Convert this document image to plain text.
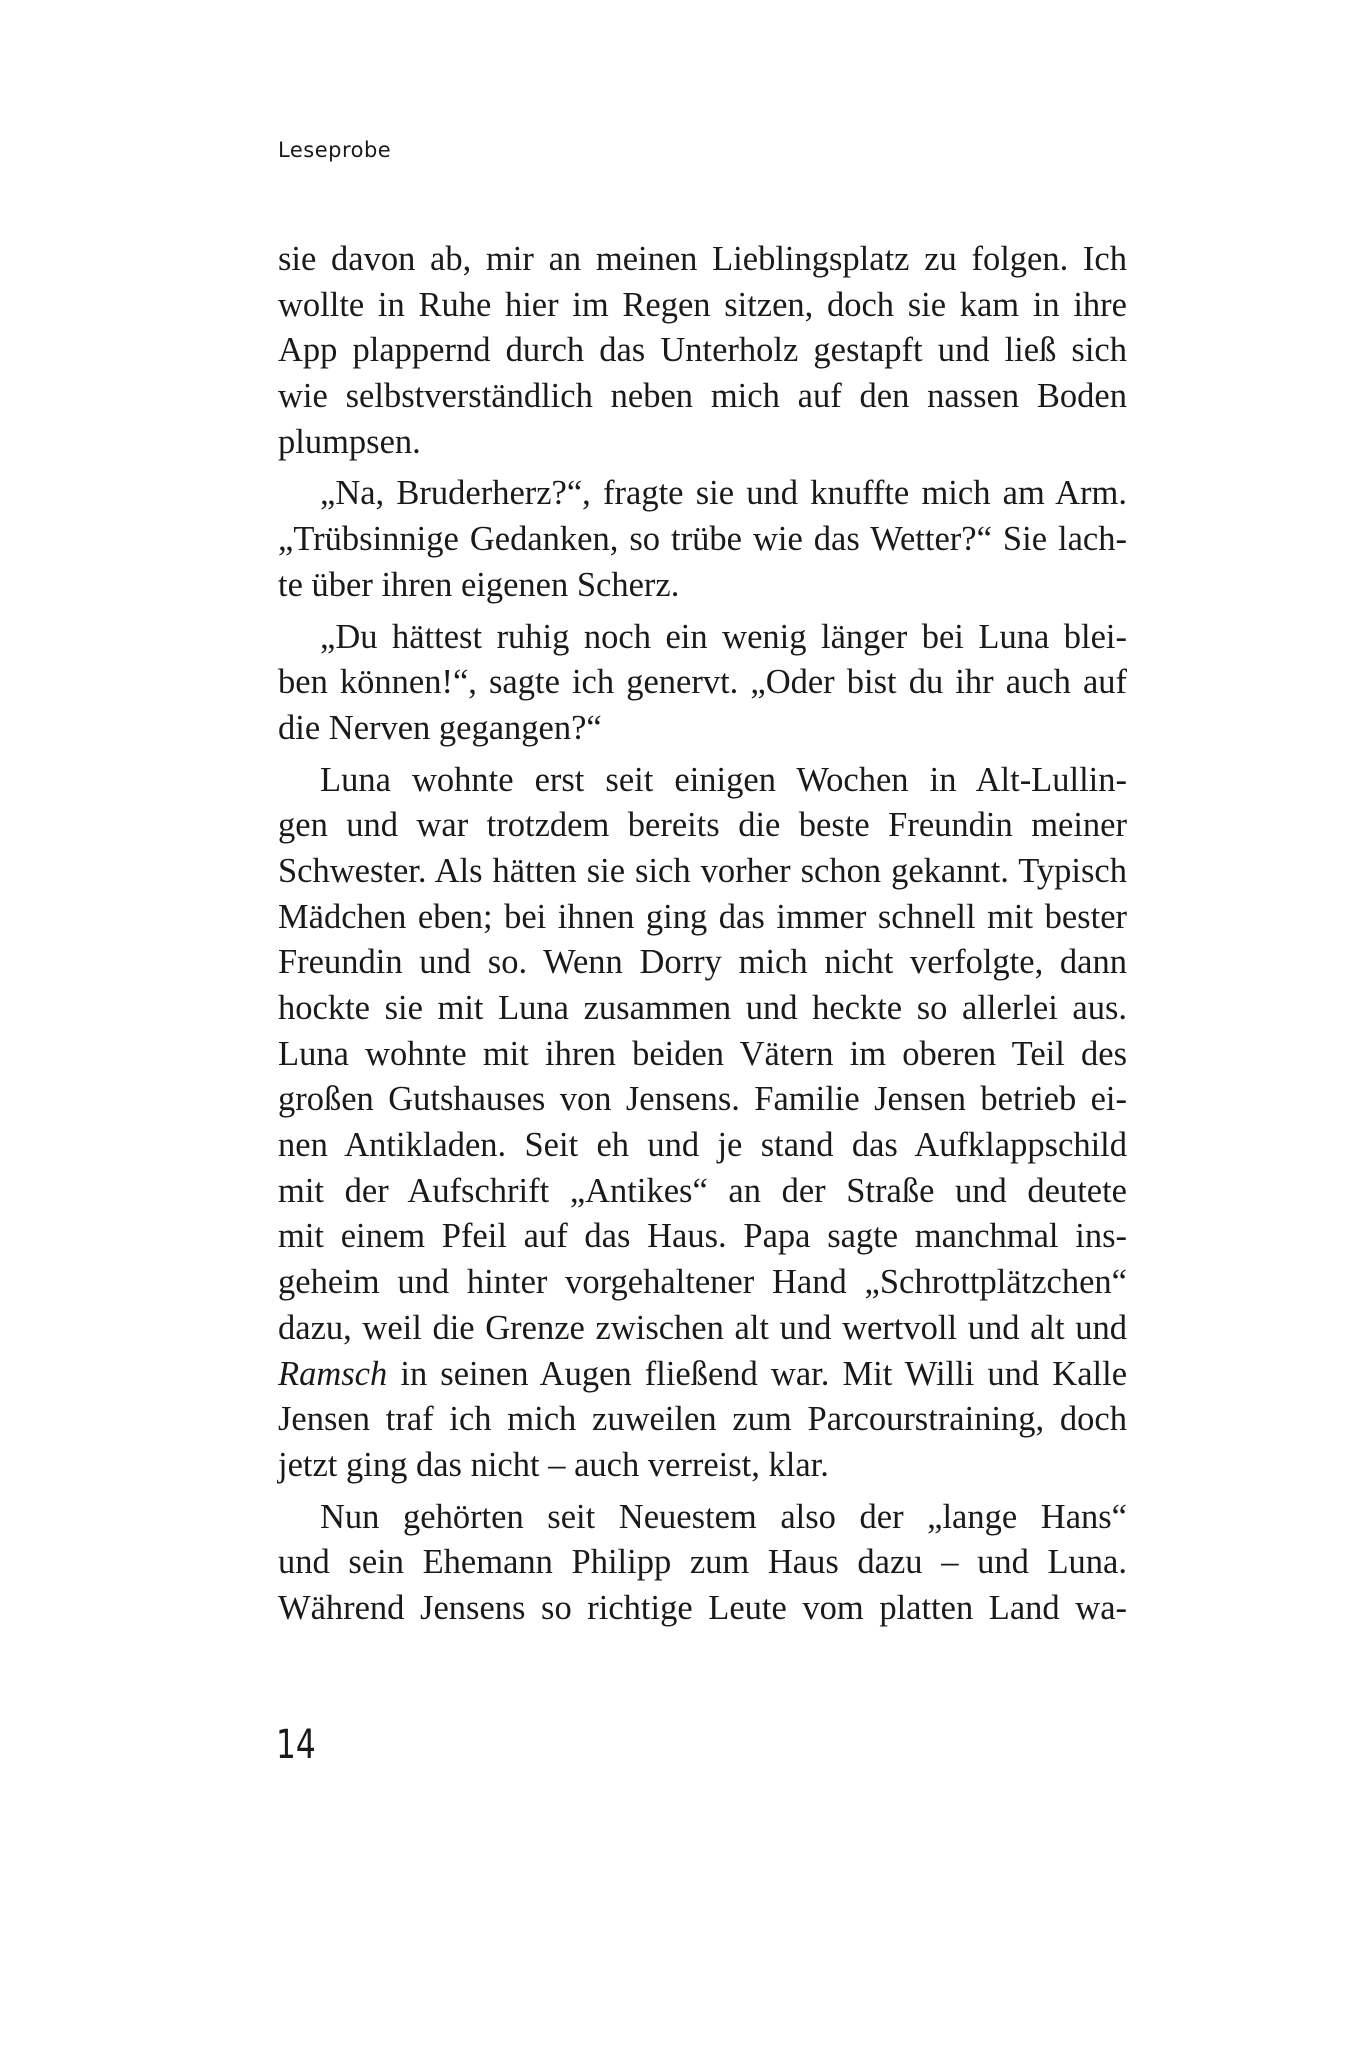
Leseprobe
sie davon ab, mir an meinen Lieblingsplatz zu folgen. Ich
wollte in Ruhe hier im Regen sitzen, doch sie kam in ihre
App plappernd durch das Unterholz gestapft und ließ sich
wie selbstverständlich neben mich auf den nassen Boden
plumpsen.
„Na, Bruderherz?“, fragte sie und knuffte mich am Arm.
„Trübsinnige Gedanken, so trübe wie das Wetter?“ Sie lach-
te über ihren eigenen Scherz.
„Du hättest ruhig noch ein wenig länger bei Luna blei-
ben können!“, sagte ich genervt. „Oder bist du ihr auch auf
die Nerven gegangen?“
Luna wohnte erst seit einigen Wochen in Alt-Lullin-
gen und war trotzdem bereits die beste Freundin meiner
Schwester. Als hätten sie sich vorher schon gekannt. Typisch
Mädchen eben; bei ihnen ging das immer schnell mit bester
Freundin und so. Wenn Dorry mich nicht verfolgte, dann
hockte sie mit Luna zusammen und heckte so allerlei aus.
Luna wohnte mit ihren beiden Vätern im oberen Teil des
großen Gutshauses von Jensens. Familie Jensen betrieb ei-
nen Antikladen. Seit eh und je stand das Aufklappschild
mit der Aufschrift „Antikes“ an der Straße und deutete
mit einem Pfeil auf das Haus. Papa sagte manchmal ins-
geheim und hinter vorgehaltener Hand „Schrottplätzchen“
dazu, weil die Grenze zwischen alt und wertvoll und alt und
Ramsch in seinen Augen fließend war. Mit Willi und Kalle
Jensen traf ich mich zuweilen zum Parcourstraining, doch
jetzt ging das nicht – auch verreist, klar.
Nun gehörten seit Neuestem also der „lange Hans“
und sein Ehemann Philipp zum Haus dazu – und Luna.
Während Jensens so richtige Leute vom platten Land wa-
14
